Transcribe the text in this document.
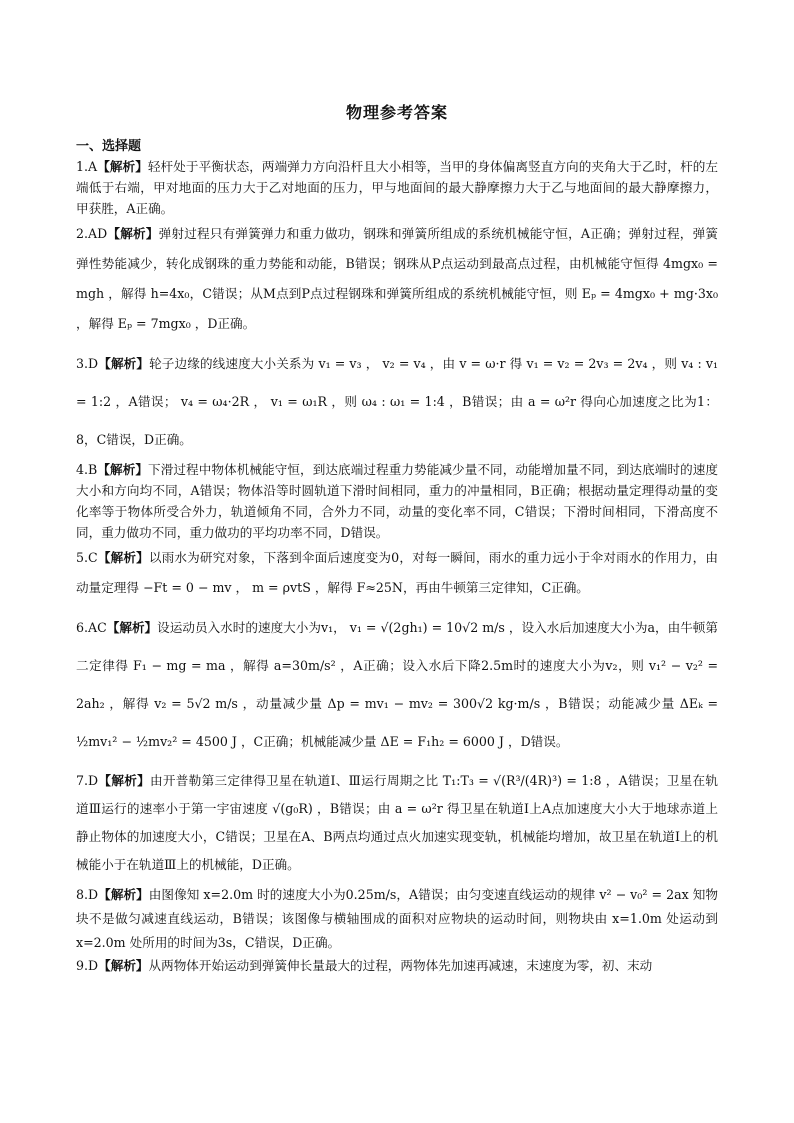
物理参考答案
一、选择题

1.A【解析】轻杆处于平衡状态，两端弹力方向沿杆且大小相等，当甲的身体偏离竖直方向的夹角大于乙时，杆的左端低于右端，甲对地面的压力大于乙对地面的压力，甲与地面间的最大静摩擦力大于乙与地面间的最大静摩擦力，甲获胜，A正确。

2.AD【解析】弹射过程只有弹簧弹力和重力做功，钢珠和弹簧所组成的系统机械能守恒，A正确；弹射过程，弹簧弹性势能减少，转化成钢珠的重力势能和动能，B错误；钢珠从P点运动到最高点过程，由机械能守恒得 4mgx₀ = mgh ，解得 h=4x₀，C错误；从M点到P点过程钢珠和弹簧所组成的系统机械能守恒，则 Eₚ = 4mgx₀ + mg·3x₀ ，解得 Eₚ = 7mgx₀ ，D正确。

3.D【解析】轮子边缘的线速度大小关系为 v₁ = v₃ ， v₂ = v₄ ，由 v = ω·r 得 v₁ = v₂ = 2v₃ = 2v₄ ，则 v₄ : v₁ = 1:2 ，A错误； v₄ = ω₄·2R ， v₁ = ω₁R ，则 ω₄ : ω₁ = 1:4 ，B错误；由 a = ω²r 得向心加速度之比为1：8，C错误，D正确。

4.B【解析】下滑过程中物体机械能守恒，到达底端过程重力势能减少量不同，动能增加量不同，到达底端时的速度大小和方向均不同，A错误；物体沿等时圆轨道下滑时间相同，重力的冲量相同，B正确；根据动量定理得动量的变化率等于物体所受合外力，轨道倾角不同，合外力不同，动量的变化率不同，C错误；下滑时间相同，下滑高度不同，重力做功不同，重力做功的平均功率不同，D错误。

5.C【解析】以雨水为研究对象，下落到伞面后速度变为0，对每一瞬间，雨水的重力远小于伞对雨水的作用力，由动量定理得 −Ft = 0 − mv ， m = ρvtS ，解得 F≈25N，再由牛顿第三定律知，C正确。

6.AC【解析】设运动员入水时的速度大小为v₁， v₁ = √(2gh₁) = 10√2 m/s ，设入水后加速度大小为a，由牛顿第二定律得 F₁ − mg = ma ，解得 a=30m/s² ，A正确；设入水后下降2.5m时的速度大小为v₂，则 v₁² − v₂² = 2ah₂ ，解得 v₂ = 5√2 m/s ，动量减少量 Δp = mv₁ − mv₂ = 300√2 kg·m/s ，B错误；动能减少量 ΔEₖ = ½mv₁² − ½mv₂² = 4500 J ，C正确；机械能减少量 ΔE = F₁h₂ = 6000 J ，D错误。

7.D【解析】由开普勒第三定律得卫星在轨道Ⅰ、Ⅲ运行周期之比 T₁:T₃ = √(R³/(4R)³) = 1:8 ，A错误；卫星在轨道Ⅲ运行的速率小于第一宇宙速度 √(g₀R) ，B错误；由 a = ω²r 得卫星在轨道Ⅰ上A点加速度大小大于地球赤道上静止物体的加速度大小，C错误；卫星在A、B两点均通过点火加速实现变轨，机械能均增加，故卫星在轨道Ⅰ上的机械能小于在轨道Ⅲ上的机械能，D正确。

8.D【解析】由图像知 x=2.0m 时的速度大小为0.25m/s，A错误；由匀变速直线运动的规律 v² − v₀² = 2ax 知物块不是做匀减速直线运动，B错误；该图像与横轴围成的面积对应物块的运动时间，则物块由 x=1.0m 处运动到 x=2.0m 处所用的时间为3s，C错误，D正确。

9.D【解析】从两物体开始运动到弹簧伸长量最大的过程，两物体先加速再减速，末速度为零，初、末动
